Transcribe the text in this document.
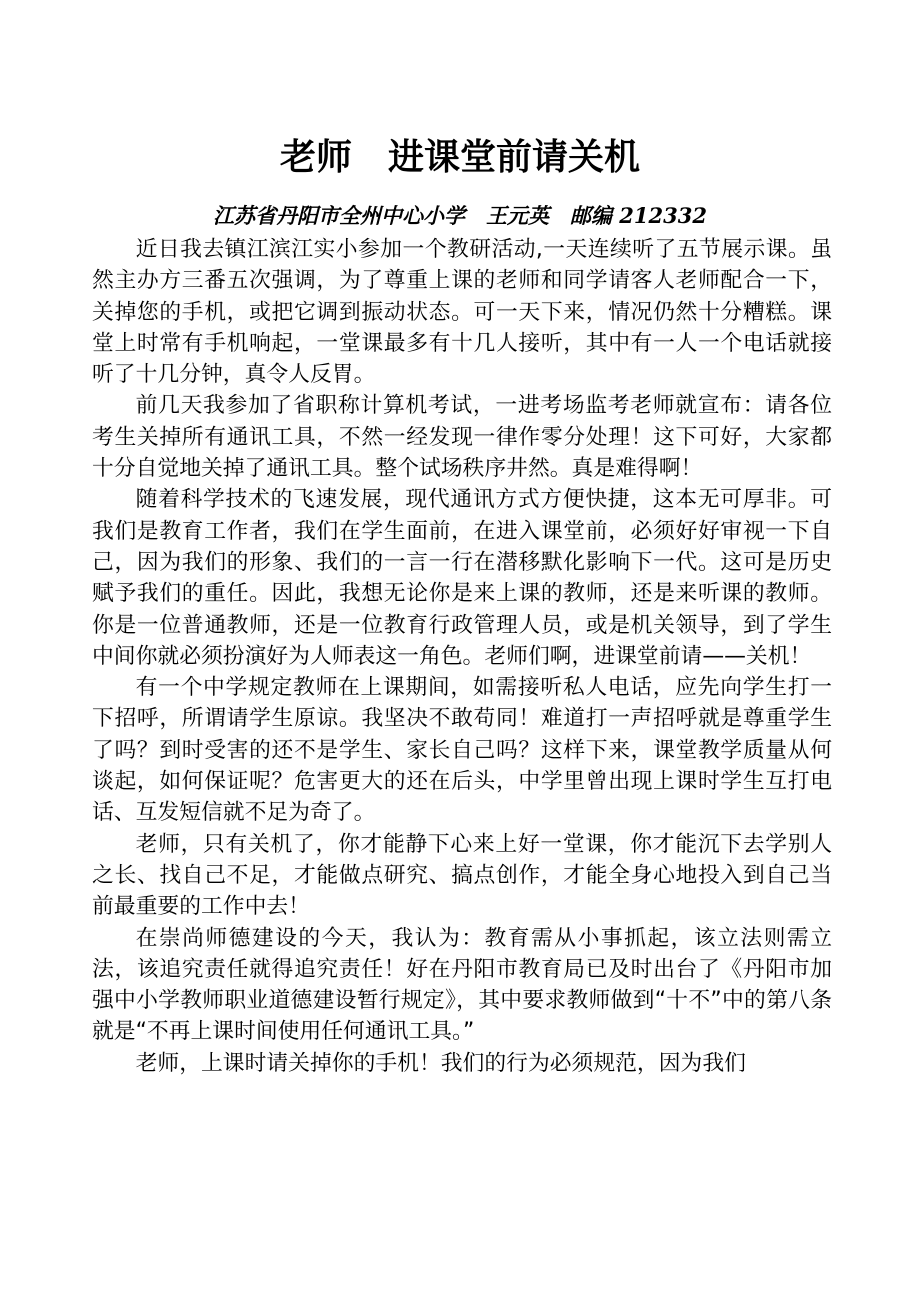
老师　进课堂前请关机
江苏省丹阳市全州中心小学　王元英　邮编 212332

近日我去镇江滨江实小参加一个教研活动,一天连续听了五节展示课。虽然主办方三番五次强调，为了尊重上课的老师和同学请客人老师配合一下，关掉您的手机，或把它调到振动状态。可一天下来，情况仍然十分糟糕。课堂上时常有手机响起，一堂课最多有十几人接听，其中有一人一个电话就接听了十几分钟，真令人反胃。

前几天我参加了省职称计算机考试，一进考场监考老师就宣布：请各位考生关掉所有通讯工具，不然一经发现一律作零分处理！这下可好，大家都十分自觉地关掉了通讯工具。整个试场秩序井然。真是难得啊！

随着科学技术的飞速发展，现代通讯方式方便快捷，这本无可厚非。可我们是教育工作者，我们在学生面前，在进入课堂前，必须好好审视一下自己，因为我们的形象、我们的一言一行在潜移默化影响下一代。这可是历史赋予我们的重任。因此，我想无论你是来上课的教师，还是来听课的教师。你是一位普通教师，还是一位教育行政管理人员，或是机关领导，到了学生中间你就必须扮演好为人师表这一角色。老师们啊，进课堂前请——关机！

有一个中学规定教师在上课期间，如需接听私人电话，应先向学生打一下招呼，所谓请学生原谅。我坚决不敢苟同！难道打一声招呼就是尊重学生了吗？到时受害的还不是学生、家长自己吗？这样下来，课堂教学质量从何谈起，如何保证呢？危害更大的还在后头，中学里曾出现上课时学生互打电话、互发短信就不足为奇了。

老师，只有关机了，你才能静下心来上好一堂课，你才能沉下去学别人之长、找自己不足，才能做点研究、搞点创作，才能全身心地投入到自己当前最重要的工作中去！

在崇尚师德建设的今天，我认为：教育需从小事抓起，该立法则需立法，该追究责任就得追究责任！好在丹阳市教育局已及时出台了《丹阳市加强中小学教师职业道德建设暂行规定》，其中要求教师做到“十不”中的第八条就是“不再上课时间使用任何通讯工具。”

老师，上课时请关掉你的手机！我们的行为必须规范，因为我们
